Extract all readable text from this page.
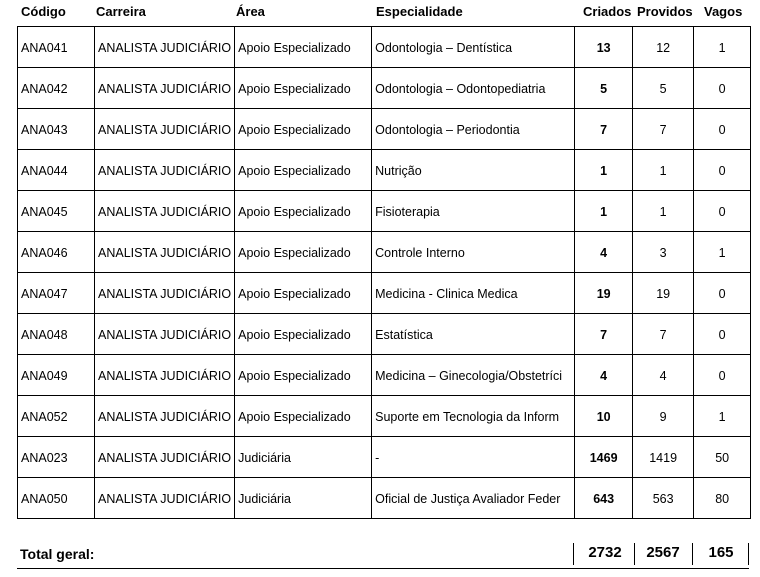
Código Carreira	Área	Especialidade	Criados Providos Vagos
ANA041	ANALISTA JUDICIÁRIO	Apoio Especializado	Odontologia – Dentística	13	12	1

ANA042	ANALISTA JUDICIÁRIO	Apoio Especializado	Odontologia – Odontopediatria	5	5	0

ANA043	ANALISTA JUDICIÁRIO	Apoio Especializado	Odontologia – Periodontia	7	7	0

ANA044	ANALISTA JUDICIÁRIO	Apoio Especializado	Nutrição	1	1	0

ANA045	ANALISTA JUDICIÁRIO	Apoio Especializado	Fisioterapia	1	1	0

ANA046	ANALISTA JUDICIÁRIO	Apoio Especializado	Controle Interno	4	3	1

ANA047	ANALISTA JUDICIÁRIO	Apoio Especializado	Medicina - Clinica Medica	19	19	0

ANA048	ANALISTA JUDICIÁRIO	Apoio Especializado	Estatística	7	7	0

ANA049	ANALISTA JUDICIÁRIO	Apoio Especializado	Medicina – Ginecologia/Obstetríci	4	4	0

ANA052	ANALISTA JUDICIÁRIO	Apoio Especializado	Suporte em Tecnologia da Inform	10	9	1

ANA023	ANALISTA JUDICIÁRIO	Judiciária	-	1469	1419	50

ANA050	ANALISTA JUDICIÁRIO	Judiciária	Oficial de Justiça Avaliador Feder	643	563	80
Total geral:	2732	2567	165
